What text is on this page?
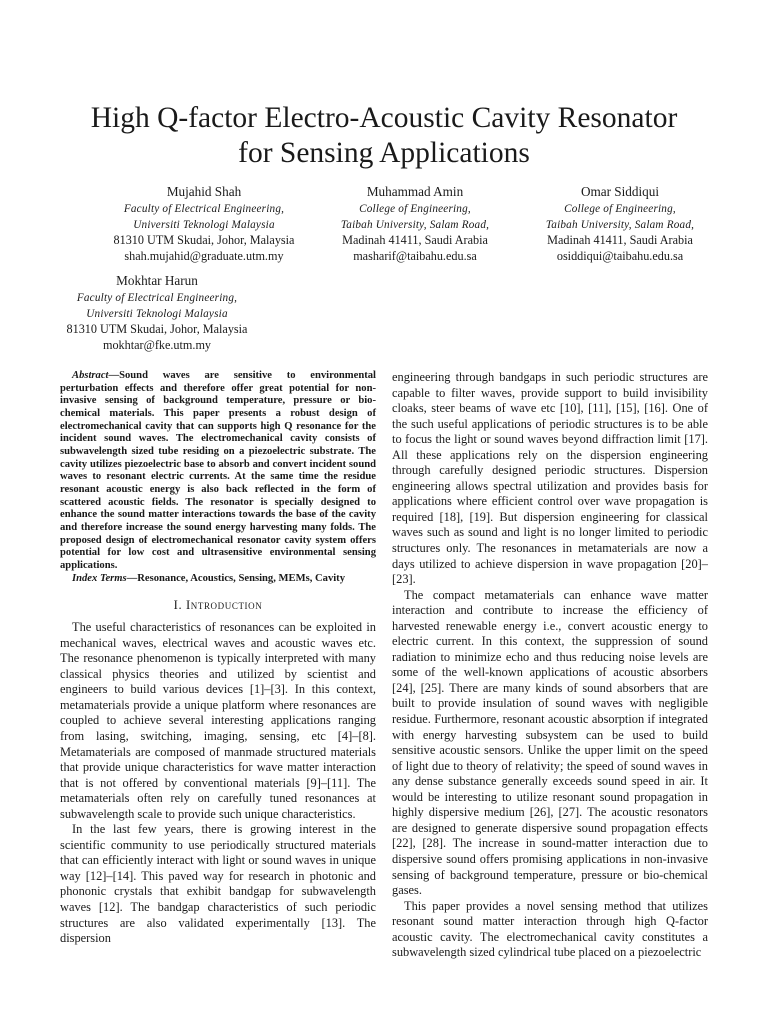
High Q-factor Electro-Acoustic Cavity Resonator
for Sensing Applications
Mujahid Shah
Faculty of Electrical Engineering,
Universiti Teknologi Malaysia
81310 UTM Skudai, Johor, Malaysia
shah.mujahid@graduate.utm.my
Muhammad Amin
College of Engineering,
Taibah University, Salam Road,
Madinah 41411, Saudi Arabia
masharif@taibahu.edu.sa
Omar Siddiqui
College of Engineering,
Taibah University, Salam Road,
Madinah 41411, Saudi Arabia
osiddiqui@taibahu.edu.sa
Mokhtar Harun
Faculty of Electrical Engineering,
Universiti Teknologi Malaysia
81310 UTM Skudai, Johor, Malaysia
mokhtar@fke.utm.my

Abstract—Sound waves are sensitive to environmental perturbation effects and therefore offer great potential for non-invasive sensing of background temperature, pressure or bio-chemical materials. This paper presents a robust design of electromechanical cavity that can supports high Q resonance for the incident sound waves. The electromechanical cavity consists of subwavelength sized tube residing on a piezoelectric substrate. The cavity utilizes piezoelectric base to absorb and convert incident sound waves to resonant electric currents. At the same time the residue resonant acoustic energy is also back reflected in the form of scattered acoustic fields. The resonator is specially designed to enhance the sound matter interactions towards the base of the cavity and therefore increase the sound energy harvesting many folds. The proposed design of electromechanical resonator cavity system offers potential for low cost and ultrasensitive environmental sensing applications.

Index Terms—Resonance, Acoustics, Sensing, MEMs, Cavity

I. Introduction

The useful characteristics of resonances can be exploited in mechanical waves, electrical waves and acoustic waves etc. The resonance phenomenon is typically interpreted with many classical physics theories and utilized by scientist and engineers to build various devices [1]–[3]. In this context, metamaterials provide a unique platform where resonances are coupled to achieve several interesting applications ranging from lasing, switching, imaging, sensing, etc [4]–[8]. Metamaterials are composed of manmade structured materials that provide unique characteristics for wave matter interaction that is not offered by conventional materials [9]–[11]. The metamaterials often rely on carefully tuned resonances at subwavelength scale to provide such unique characteristics.

In the last few years, there is growing interest in the scientific community to use periodically structured materials that can efficiently interact with light or sound waves in unique way [12]–[14]. This paved way for research in photonic and phononic crystals that exhibit bandgap for subwavelength waves [12]. The bandgap characteristics of such periodic structures are also validated experimentally [13]. The dispersion

engineering through bandgaps in such periodic structures are capable to filter waves, provide support to build invisibility cloaks, steer beams of wave etc [10], [11], [15], [16]. One of the such useful applications of periodic structures is to be able to focus the light or sound waves beyond diffraction limit [17]. All these applications rely on the dispersion engineering through carefully designed periodic structures. Dispersion engineering allows spectral utilization and provides basis for applications where efficient control over wave propagation is required [18], [19]. But dispersion engineering for classical waves such as sound and light is no longer limited to periodic structures only. The resonances in metamaterials are now a days utilized to achieve dispersion in wave propagation [20]–[23].

The compact metamaterials can enhance wave matter interaction and contribute to increase the efficiency of harvested renewable energy i.e., convert acoustic energy to electric current. In this context, the suppression of sound radiation to minimize echo and thus reducing noise levels are some of the well-known applications of acoustic absorbers [24], [25]. There are many kinds of sound absorbers that are built to provide insulation of sound waves with negligible residue. Furthermore, resonant acoustic absorption if integrated with energy harvesting subsystem can be used to build sensitive acoustic sensors. Unlike the upper limit on the speed of light due to theory of relativity; the speed of sound waves in any dense substance generally exceeds sound speed in air. It would be interesting to utilize resonant sound propagation in highly dispersive medium [26], [27]. The acoustic resonators are designed to generate dispersive sound propagation effects [22], [28]. The increase in sound-matter interaction due to dispersive sound offers promising applications in non-invasive sensing of background temperature, pressure or bio-chemical gases.

This paper provides a novel sensing method that utilizes resonant sound matter interaction through high Q-factor acoustic cavity. The electromechanical cavity constitutes a subwavelength sized cylindrical tube placed on a piezoelectric
